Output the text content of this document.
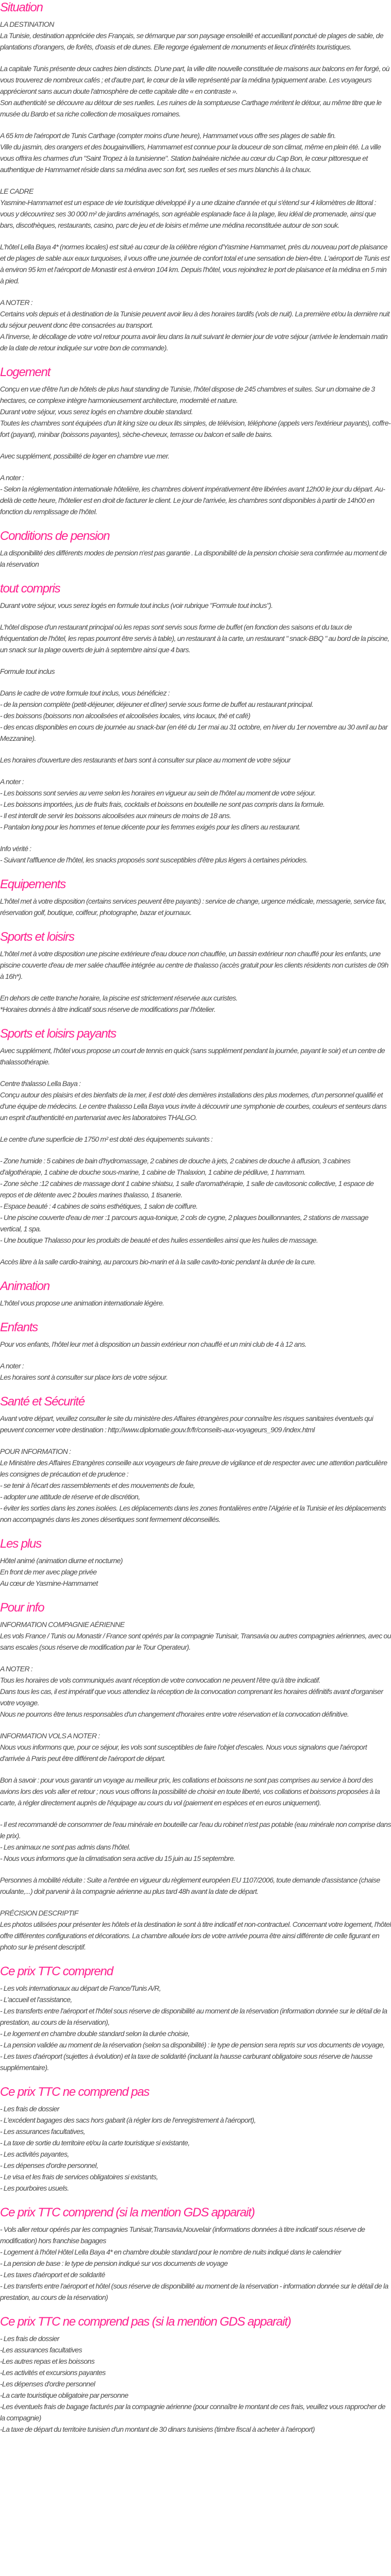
Situation
LA DESTINATION
La Tunisie, destination appréciée des Français, se démarque par son paysage ensoleillé et accueillant ponctué de plages de sable, de plantations d'orangers, de forêts, d'oasis et de dunes. Elle regorge également de monuments et lieux d'intérêts touristiques.
La capitale Tunis présente deux cadres bien distincts. D'une part, la ville dite nouvelle constituée de maisons aux balcons en fer forgé, où vous trouverez de nombreux cafés ; et d'autre part, le cœur de la ville représenté par la médina typiquement arabe. Les voyageurs apprécieront sans aucun doute l'atmosphère de cette capitale dite « en contraste ».
Son authenticité se découvre au détour de ses ruelles. Les ruines de la somptueuse Carthage méritent le détour, au même titre que le musée du Bardo et sa riche collection de mosaïques romaines.
A 65 km de l'aéroport de Tunis Carthage (compter moins d'une heure), Hammamet vous offre ses plages de sable fin.
Ville du jasmin, des orangers et des bougainvilliers, Hammamet est connue pour la douceur de son climat, même en plein été. La ville vous offrira les charmes d'un "Saint Tropez à la tunisienne". Station balnéaire nichée au cœur du Cap Bon, le cœur pittoresque et authentique de Hammamet réside dans sa médina avec son fort, ses ruelles et ses murs blanchis à la chaux.
LE CADRE
Yasmine-Hammamet est un espace de vie touristique développé il y a une dizaine d'année et qui s'étend sur 4 kilomètres de littoral : vous y découvrirez ses 30 000 m² de jardins aménagés, son agréable esplanade face à la plage, lieu idéal de promenade, ainsi que bars, discothèques, restaurants, casino, parc de jeu et de loisirs et même une médina reconstituée autour de son souk.
L'hôtel Lella Baya 4* (normes locales) est situé au cœur de la célèbre région d'Yasmine Hammamet, près du nouveau port de plaisance et de plages de sable aux eaux turquoises, il vous offre une journée de confort total et une sensation de bien-être. L'aéroport de Tunis est à environ 95 km et l'aéroport de Monastir est à environ 104 km. Depuis l'hôtel, vous rejoindrez le port de plaisance et la médina en 5 min à pied.
A NOTER :
Certains vols depuis et à destination de la Tunisie peuvent avoir lieu à des horaires tardifs (vols de nuit). La première et/ou la dernière nuit du séjour peuvent donc être consacrées au transport.
A l'inverse, le décollage de votre vol retour pourra avoir lieu dans la nuit suivant le dernier jour de votre séjour (arrivée le lendemain matin de la date de retour indiquée sur votre bon de commande).
Logement
Conçu en vue d'être l'un de hôtels de plus haut standing de Tunisie, l'hôtel dispose de 245 chambres et suites. Sur un domaine de 3 hectares, ce complexe intègre harmonieusement architecture, modernité et nature.
Durant votre séjour, vous serez logés en chambre double standard.
Toutes les chambres sont équipées d'un lit king size ou deux lits simples, de télévision, téléphone (appels vers l'extérieur payants), coffre-fort (payant), minibar (boissons payantes), sèche-cheveux, terrasse ou balcon et salle de bains.
Avec supplément, possibilité de loger en chambre vue mer.
A noter :
- Selon la réglementation internationale hôtelière, les chambres doivent impérativement être libérées avant 12h00 le jour du départ. Au-delà de cette heure, l'hôtelier est en droit de facturer le client. Le jour de l'arrivée, les chambres sont disponibles à partir de 14h00 en fonction du remplissage de l'hôtel.
Conditions de pension
La disponibilité des différents modes de pension n'est pas garantie . La disponibilité de la pension choisie sera confirmée au moment de la réservation
tout compris
Durant votre séjour, vous serez logés en formule tout inclus (voir rubrique "Formule tout inclus").
L'hôtel dispose d'un restaurant principal où les repas sont servis sous forme de buffet (en fonction des saisons et du taux de fréquentation de l'hôtel, les repas pourront être servis à table), un restaurant à la carte, un restaurant " snack-BBQ " au bord de la piscine, un snack sur la plage ouverts de juin à septembre ainsi que 4 bars.
Formule tout inclus
Dans le cadre de votre formule tout inclus, vous bénéficiez :
- de la pension complète (petit-déjeuner, déjeuner et dîner) servie sous forme de buffet au restaurant principal.
- des boissons (boissons non alcoolisées et alcoolisées locales, vins locaux, thé et café)
- des encas disponibles en cours de journée au snack-bar (en été du 1er mai au 31 octobre, en hiver du 1er novembre au 30 avril au bar Mezzanine).
Les horaires d'ouverture des restaurants et bars sont à consulter sur place au moment de votre séjour
A noter :
- Les boissons sont servies au verre selon les horaires en vigueur au sein de l'hôtel au moment de votre séjour.
- Les boissons importées, jus de fruits frais, cocktails et boissons en bouteille ne sont pas compris dans la formule.
- Il est interdit de servir les boissons alcoolisées aux mineurs de moins de 18 ans.
- Pantalon long pour les hommes et tenue décente pour les femmes exigés pour les dîners au restaurant.
Info vérité :
- Suivant l'affluence de l'hôtel, les snacks proposés sont susceptibles d'être plus légers à certaines périodes.
Equipements
L'hôtel met à votre disposition (certains services peuvent être payants) : service de change, urgence médicale, messagerie, service fax, réservation golf, boutique, coiffeur, photographe, bazar et journaux.
Sports et loisirs
L'hôtel met à votre disposition une piscine extérieure d'eau douce non chauffée, un bassin extérieur non chauffé pour les enfants, une piscine couverte d'eau de mer salée chauffée intégrée au centre de thalasso (accès gratuit pour les clients résidents non curistes de 09h à 16h*).
En dehors de cette tranche horaire, la piscine est strictement réservée aux curistes.
*Horaires donnés à titre indicatif sous réserve de modifications par l'hôtelier.
Sports et loisirs payants
Avec supplément, l'hôtel vous propose un court de tennis en quick (sans supplément pendant la journée, payant le soir) et un centre de thalassothérapie.
Centre thalasso Lella Baya :
Conçu autour des plaisirs et des bienfaits de la mer, il est doté des dernières installations des plus modernes, d'un personnel qualifié et d'une équipe de médecins. Le centre thalasso Lella Baya vous invite à découvrir une symphonie de courbes, couleurs et senteurs dans un esprit d'authenticité en partenariat avec les laboratoires THALGO.
Le centre d'une superficie de 1750 m² est doté des équipements suivants :
- Zone humide : 5 cabines de bain d'hydromassage, 2 cabines de douche à jets, 2 cabines de douche à affusion, 3 cabines d'algothérapie, 1 cabine de douche sous-marine, 1 cabine de Thalaxion, 1 cabine de pédiluve, 1 hammam.
- Zone sèche :12 cabines de massage dont 1 cabine shiatsu, 1 salle d'aromathérapie, 1 salle de cavitosonic collective, 1 espace de repos et de détente avec 2 boules marines thalasso, 1 tisanerie.
- Espace beauté : 4 cabines de soins esthétiques, 1 salon de coiffure.
- Une piscine couverte d'eau de mer :1 parcours aqua-tonique, 2 cols de cygne, 2 plaques bouillonnantes, 2 stations de massage vertical, 1 spa.
- Une boutique Thalasso pour les produits de beauté et des huiles essentielles ainsi que les huiles de massage.
Accès libre à la salle cardio-training, au parcours bio-marin et à la salle cavito-tonic pendant la durée de la cure.
Animation
L'hôtel vous propose une animation internationale légère.
Enfants
Pour vos enfants, l'hôtel leur met à disposition un bassin extérieur non chauffé et un mini club de 4 à 12 ans.
A noter :
Les horaires sont à consulter sur place lors de votre séjour.
Santé et Sécurité
Avant votre départ, veuillez consulter le site du ministère des Affaires étrangères pour connaître les risques sanitaires éventuels qui peuvent concerner votre destination : http://www.diplomatie.gouv.fr/fr/conseils-aux-voyageurs_909 /index.html
POUR INFORMATION :
Le Ministère des Affaires Etrangères conseille aux voyageurs de faire preuve de vigilance et de respecter avec une attention particulière les consignes de précaution et de prudence :
- se tenir à l'écart des rassemblements et des mouvements de foule,
- adopter une attitude de réserve et de discrétion,
- éviter les sorties dans les zones isolées. Les déplacements dans les zones frontalières entre l'Algérie et la Tunisie et les déplacements non accompagnés dans les zones désertiques sont fermement déconseillés.
Les plus
Hôtel animé (animation diurne et nocturne)
En front de mer avec plage privée
Au cœur de Yasmine-Hammamet
Pour info
INFORMATION COMPAGNIE AÉRIENNE
Les vols France / Tunis ou Monastir / France sont opérés par la compagnie Tunisair, Transavia ou autres compagnies aériennes, avec ou sans escales (sous réserve de modification par le Tour Operateur).
A NOTER :
Tous les horaires de vols communiqués avant réception de votre convocation ne peuvent l'être qu'à titre indicatif.
Dans tous les cas, il est impératif que vous attendiez la réception de la convocation comprenant les horaires définitifs avant d'organiser votre voyage.
Nous ne pourrons être tenus responsables d'un changement d'horaires entre votre réservation et la convocation définitive.
INFORMATION VOLS A NOTER :
Nous vous informons que, pour ce séjour, les vols sont susceptibles de faire l'objet d'escales. Nous vous signalons que l'aéroport d'arrivée à Paris peut être différent de l'aéroport de départ.
Bon à savoir : pour vous garantir un voyage au meilleur prix, les collations et boissons ne sont pas comprises au service à bord des avions lors des vols aller et retour ; nous vous offrons la possibilité de choisir en toute liberté, vos collations et boissons proposées à la carte, à régler directement auprès de l'équipage au cours du vol (paiement en espèces et en euros uniquement).
- Il est recommandé de consommer de l'eau minérale en bouteille car l'eau du robinet n'est pas potable (eau minérale non comprise dans le prix).
- Les animaux ne sont pas admis dans l'hôtel.
- Nous vous informons que la climatisation sera active du 15 juin au 15 septembre.
Personnes à mobilité réduite : Suite a l'entrée en vigueur du règlement européen EU 1107/2006, toute demande d'assistance (chaise roulante,...) doit parvenir à la compagnie aérienne au plus tard 48h avant la date de départ.
PRÉCISION DESCRIPTIF
Les photos utilisées pour présenter les hôtels et la destination le sont à titre indicatif et non-contractuel. Concernant votre logement, l'hôtel offre différentes configurations et décorations. La chambre allouée lors de votre arrivée pourra être ainsi différente de celle figurant en photo sur le présent descriptif.
Ce prix TTC comprend
- Les vols internationaux au départ de France/Tunis A/R,
- L'accueil et l'assistance,
- Les transferts entre l'aéroport et l'hôtel sous réserve de disponibilité au moment de la réservation (information donnée sur le détail de la prestation, au cours de la réservation),
- Le logement en chambre double standard selon la durée choisie,
- La pension validée au moment de la réservation (selon sa disponibilité) : le type de pension sera repris sur vos documents de voyage,
- Les taxes d'aéroport (sujettes à évolution) et la taxe de solidarité (incluant la hausse carburant obligatoire sous réserve de hausse supplémentaire).
Ce prix TTC ne comprend pas
- Les frais de dossier
- L'excédent bagages des sacs hors gabarit (à régler lors de l'enregistrement à l'aéroport),
- Les assurances facultatives,
- La taxe de sortie du territoire et/ou la carte touristique si existante,
- Les activités payantes,
- Les dépenses d'ordre personnel,
- Le visa et les frais de services obligatoires si existants,
- Les pourboires usuels.
Ce prix TTC comprend (si la mention GDS apparait)
- Vols aller retour opérés par les compagnies Tunisair,Transavia,Nouvelair (informations données à titre indicatif sous réserve de modification) hors franchise bagages
- Logement à l'hôtel Hôtel Lella Baya 4* en chambre double standard pour le nombre de nuits indiqué dans le calendrier
- La pension de base : le type de pension indiqué sur vos documents de voyage
- Les taxes d'aéroport et de solidarité
- Les transferts entre l'aéroport et hôtel (sous réserve de disponibilité au moment de la réservation - information donnée sur le détail de la prestation, au cours de la réservation)
Ce prix TTC ne comprend pas (si la mention GDS apparait)
- Les frais de dossier
-Les assurances facultatives
-Les autres repas et les boissons
-Les activités et excursions payantes
-Les dépenses d'ordre personnel
-La carte touristique obligatoire par personne
-Les éventuels frais de bagage facturés par la compagnie aérienne (pour connaître le montant de ces frais, veuillez vous rapprocher de la compagnie)
-La taxe de départ du territoire tunisien d'un montant de 30 dinars tunisiens (timbre fiscal à acheter à l'aéroport)
